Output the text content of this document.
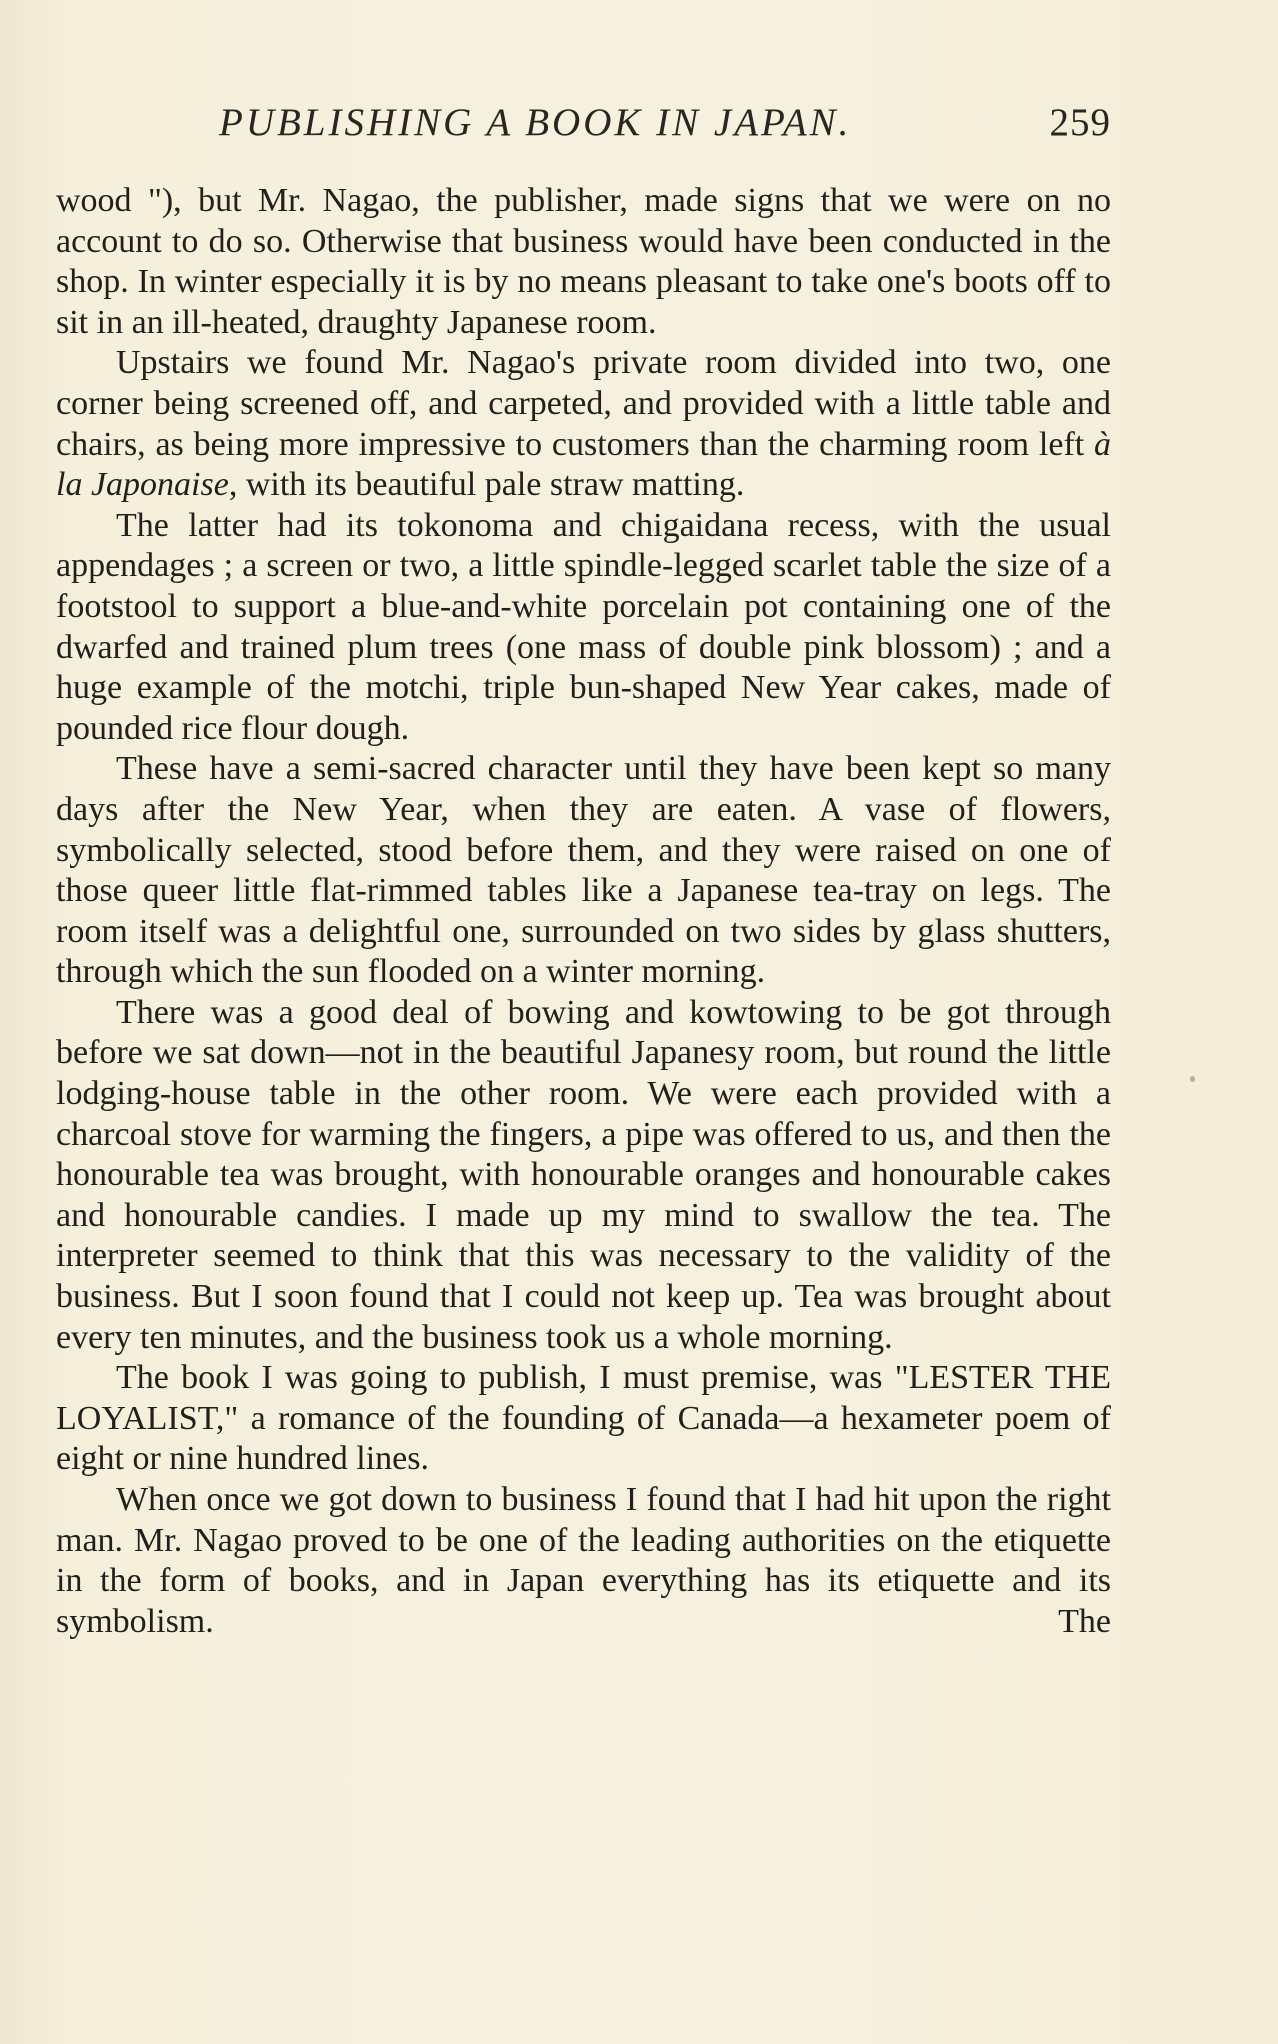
PUBLISHING A BOOK IN JAPAN.	259

wood "), but Mr. Nagao, the publisher, made signs that we were on no account to do so. Otherwise that business would have been conducted in the shop. In winter especially it is by no means pleasant to take one's boots off to sit in an ill-heated, draughty Japanese room.

Upstairs we found Mr. Nagao's private room divided into two, one corner being screened off, and carpeted, and provided with a little table and chairs, as being more impressive to customers than the charming room left à la Japonaise, with its beautiful pale straw matting.

The latter had its tokonoma and chigaidana recess, with the usual appendages ; a screen or two, a little spindle-legged scarlet table the size of a footstool to support a blue-and-white porcelain pot containing one of the dwarfed and trained plum trees (one mass of double pink blossom) ; and a huge example of the motchi, triple bun-shaped New Year cakes, made of pounded rice flour dough.

These have a semi-sacred character until they have been kept so many days after the New Year, when they are eaten. A vase of flowers, symbolically selected, stood before them, and they were raised on one of those queer little flat-rimmed tables like a Japanese tea-tray on legs. The room itself was a delightful one, surrounded on two sides by glass shutters, through which the sun flooded on a winter morning.

There was a good deal of bowing and kowtowing to be got through before we sat down—not in the beautiful Japanesy room, but round the little lodging-house table in the other room. We were each provided with a charcoal stove for warming the fingers, a pipe was offered to us, and then the honourable tea was brought, with honourable oranges and honourable cakes and honourable candies. I made up my mind to swallow the tea. The interpreter seemed to think that this was necessary to the validity of the business. But I soon found that I could not keep up. Tea was brought about every ten minutes, and the business took us a whole morning.

The book I was going to publish, I must premise, was "LESTER THE LOYALIST," a romance of the founding of Canada—a hexameter poem of eight or nine hundred lines.

When once we got down to business I found that I had hit upon the right man. Mr. Nagao proved to be one of the leading authorities on the etiquette in the form of books, and in Japan everything has its etiquette and its symbolism. The
